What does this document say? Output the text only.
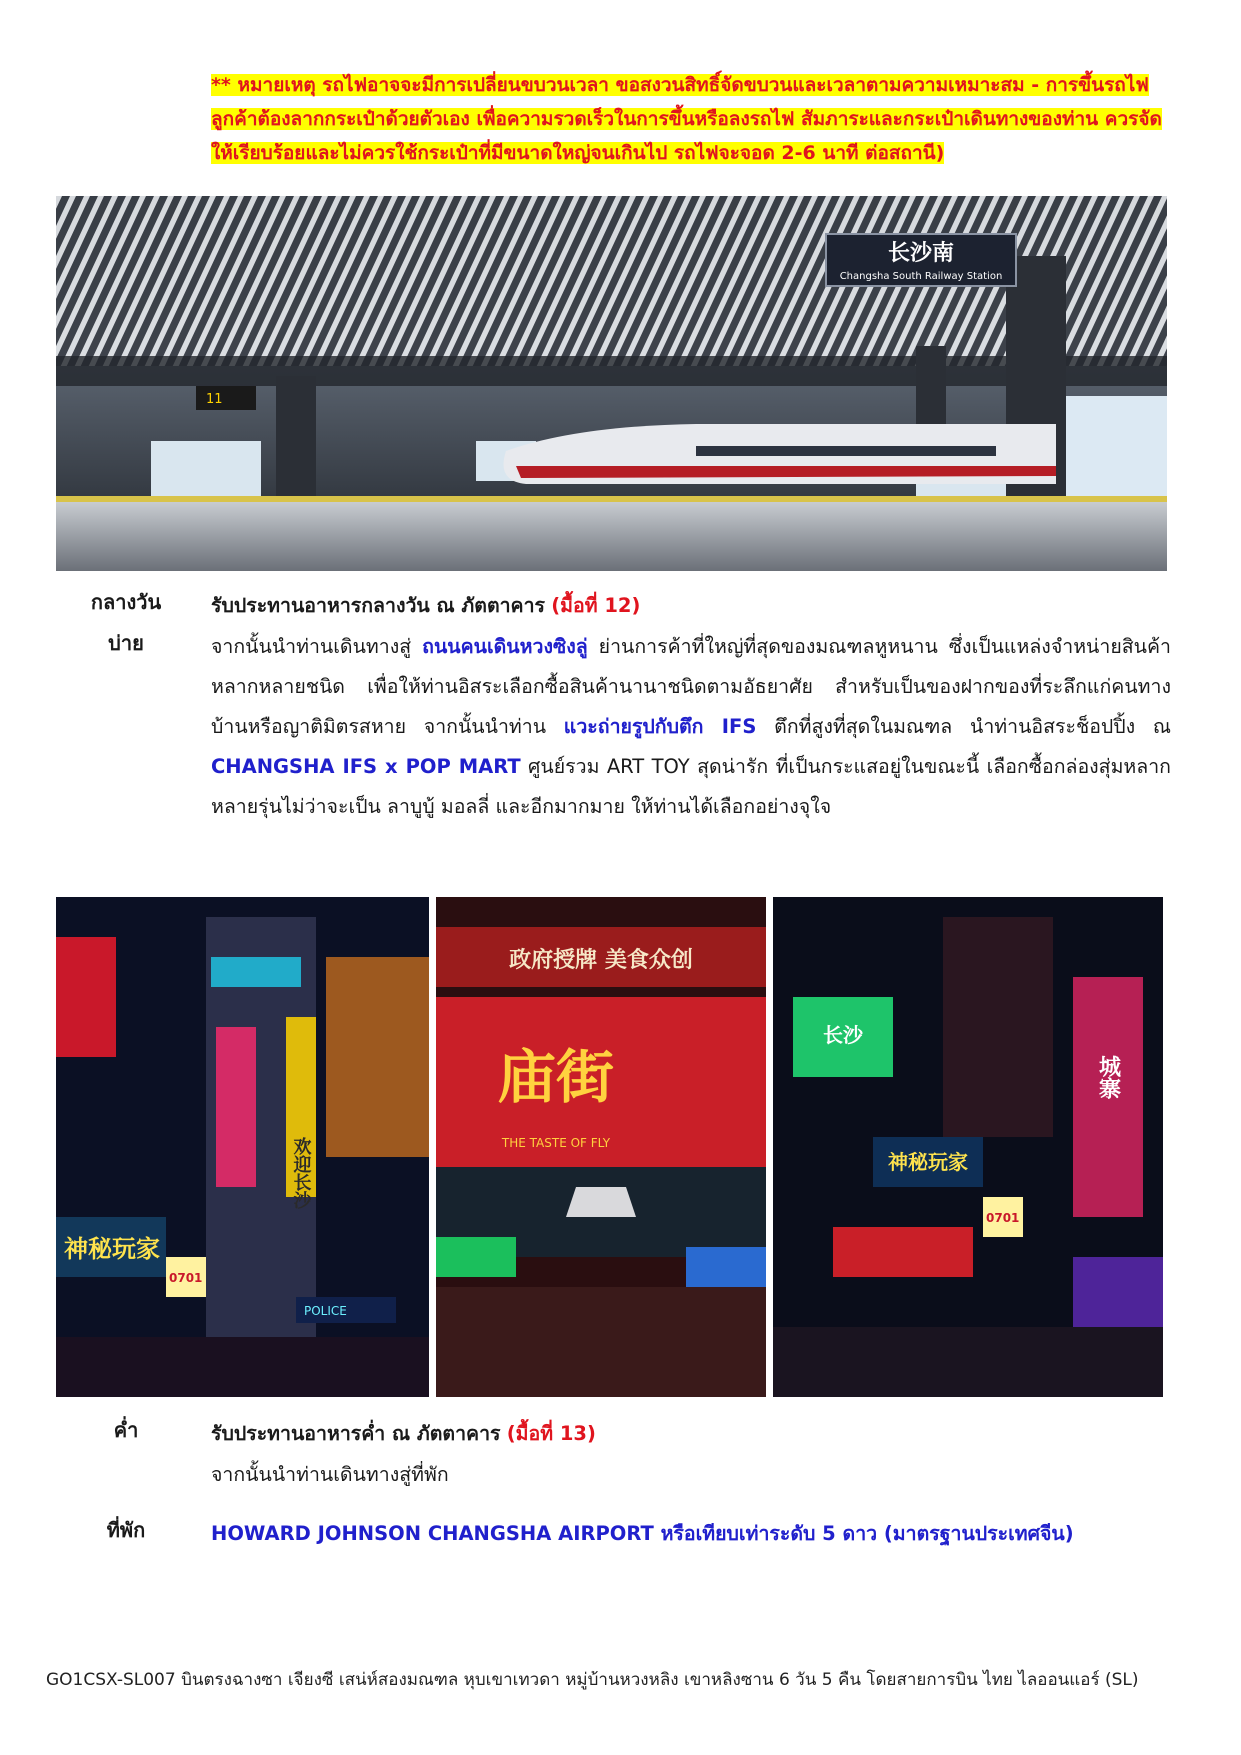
** หมายเหตุ รถไฟอาจจะมีการเปลี่ยนขบวนเวลา ขอสงวนสิทธิ์จัดขบวนและเวลาตามความเหมาะสม - การขึ้นรถไฟ ลูกค้าต้องลากกระเป๋าด้วยตัวเอง เพื่อความรวดเร็วในการขึ้นหรือลงรถไฟ สัมภาระและกระเป๋าเดินทางของท่าน ควรจัดให้เรียบร้อยและไม่ควรใช้กระเป๋าที่มีขนาดใหญ่จนเกินไป รถไฟจะจอด 2-6 นาที ต่อสถานี)
长沙南
Changsha South Railway Station
11
กลางวัน	รับประทานอาหารกลางวัน ณ ภัตตาคาร (มื้อที่ 12)
บ่าย	จากนั้นนำท่านเดินทางสู่ ถนนคนเดินหวงซิงลู่ ย่านการค้าที่ใหญ่ที่สุดของมณฑลหูหนาน ซึ่งเป็นแหล่งจำหน่ายสินค้าหลากหลายชนิด เพื่อให้ท่านอิสระเลือกซื้อสินค้านานาชนิดตามอัธยาศัย สำหรับเป็นของฝากของที่ระลึกแก่คนทางบ้านหรือญาติมิตรสหาย จากนั้นนำท่าน แวะถ่ายรูปกับตึก IFS ตึกที่สูงที่สุดในมณฑล นำท่านอิสระช็อปปิ้ง ณ CHANGSHA IFS x POP MART ศูนย์รวม ART TOY สุดน่ารัก ที่เป็นกระแสอยู่ในขณะนี้ เลือกซื้อกล่องสุ่มหลากหลายรุ่นไม่ว่าจะเป็น ลาบูบู้ มอลลี่ และอีกมากมาย ให้ท่านได้เลือกอย่างจุใจ
欢迎长沙
神秘玩家
0701
POLICE
政府授牌 美食众创
庙街
THE TASTE OF FLY
长沙
神秘玩家
城寨
0701
ค่ำ	รับประทานอาหารค่ำ ณ ภัตตาคาร (มื้อที่ 13)
จากนั้นนำท่านเดินทางสู่ที่พัก
ที่พัก	HOWARD JOHNSON CHANGSHA AIRPORT หรือเทียบเท่าระดับ 5 ดาว (มาตรฐานประเทศจีน)
GO1CSX-SL007 บินตรงฉางซา เจียงซี เสน่ห์สองมณฑล หุบเขาเทวดา หมู่บ้านหวงหลิง เขาหลิงซาน 6 วัน 5 คืน โดยสายการบิน ไทย ไลออนแอร์ (SL)
